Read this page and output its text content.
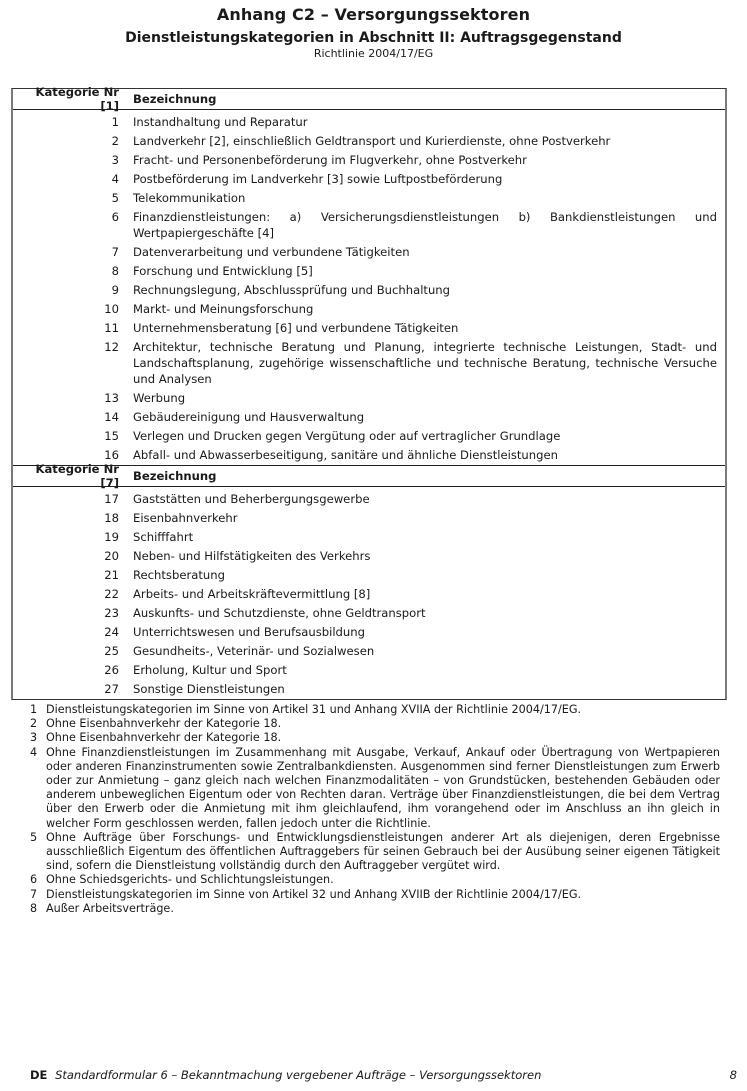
Anhang C2 – Versorgungssektoren
Dienstleistungskategorien in Abschnitt II: Auftragsgegenstand
Richtlinie 2004/17/EG
Kategorie Nr [1]	Bezeichnung
1	Instandhaltung und Reparatur
2	Landverkehr [2], einschließlich Geldtransport und Kurierdienste, ohne Postverkehr
3	Fracht- und Personenbeförderung im Flugverkehr, ohne Postverkehr
4	Postbeförderung im Landverkehr [3] sowie Luftpostbeförderung
5	Telekommunikation
6	Finanzdienstleistungen: a) Versicherungsdienstleistungen b) Bankdienstleistungen und Wertpapiergeschäfte [4]
7	Datenverarbeitung und verbundene Tätigkeiten
8	Forschung und Entwicklung [5]
9	Rechnungslegung, Abschlussprüfung und Buchhaltung
10	Markt- und Meinungsforschung
11	Unternehmensberatung [6] und verbundene Tätigkeiten
12	Architektur, technische Beratung und Planung, integrierte technische Leistungen, Stadt- und Landschaftsplanung, zugehörige wissenschaftliche und technische Beratung, technische Versuche und Analysen
13	Werbung
14	Gebäudereinigung und Hausverwaltung
15	Verlegen und Drucken gegen Vergütung oder auf vertraglicher Grundlage
16	Abfall- und Abwasserbeseitigung, sanitäre und ähnliche Dienstleistungen
Kategorie Nr [7]	Bezeichnung
17	Gaststätten und Beherbergungsgewerbe
18	Eisenbahnverkehr
19	Schifffahrt
20	Neben- und Hilfstätigkeiten des Verkehrs
21	Rechtsberatung
22	Arbeits- und Arbeitskräftevermittlung [8]
23	Auskunfts- und Schutzdienste, ohne Geldtransport
24	Unterrichtswesen und Berufsausbildung
25	Gesundheits-, Veterinär- und Sozialwesen
26	Erholung, Kultur und Sport
27	Sonstige Dienstleistungen
1 Dienstleistungskategorien im Sinne von Artikel 31 und Anhang XVIIA der Richtlinie 2004/17/EG.
2 Ohne Eisenbahnverkehr der Kategorie 18.
3 Ohne Eisenbahnverkehr der Kategorie 18.
4 Ohne Finanzdienstleistungen im Zusammenhang mit Ausgabe, Verkauf, Ankauf oder Übertragung von Wertpapieren oder anderen Finanzinstrumenten sowie Zentralbankdiensten. Ausgenommen sind ferner Dienstleistungen zum Erwerb oder zur Anmietung – ganz gleich nach welchen Finanzmodalitäten – von Grundstücken, bestehenden Gebäuden oder anderem unbeweglichen Eigentum oder von Rechten daran. Verträge über Finanzdienstleistungen, die bei dem Vertrag über den Erwerb oder die Anmietung mit ihm gleichlaufend, ihm vorangehend oder im Anschluss an ihn gleich in welcher Form geschlossen werden, fallen jedoch unter die Richtlinie.
5 Ohne Aufträge über Forschungs- und Entwicklungsdienstleistungen anderer Art als diejenigen, deren Ergebnisse ausschließlich Eigentum des öffentlichen Auftraggebers für seinen Gebrauch bei der Ausübung seiner eigenen Tätigkeit sind, sofern die Dienstleistung vollständig durch den Auftraggeber vergütet wird.
6 Ohne Schiedsgerichts- und Schlichtungsleistungen.
7 Dienstleistungskategorien im Sinne von Artikel 32 und Anhang XVIIB der Richtlinie 2004/17/EG.
8 Außer Arbeitsverträge.
DE Standardformular 6 – Bekanntmachung vergebener Aufträge – Versorgungssektoren	8
